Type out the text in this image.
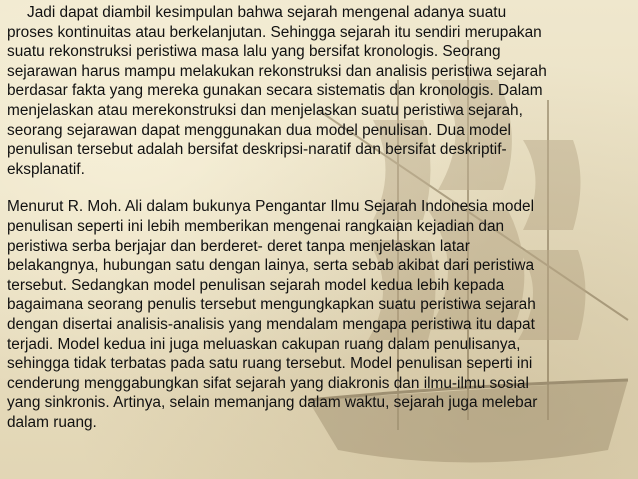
Jadi dapat diambil kesimpulan bahwa sejarah mengenal adanya suatu
proses kontinuitas atau berkelanjutan. Sehingga sejarah itu sendiri merupakan
suatu rekonstruksi peristiwa masa lalu yang bersifat kronologis. Seorang
sejarawan harus mampu melakukan rekonstruksi dan analisis peristiwa sejarah
berdasar fakta yang mereka gunakan secara sistematis dan kronologis. Dalam
menjelaskan atau merekonstruksi dan menjelaskan suatu peristiwa sejarah,
seorang sejarawan dapat menggunakan dua model penulisan. Dua model
penulisan tersebut adalah bersifat deskripsi-naratif dan bersifat deskriptif-
eksplanatif.
Menurut R. Moh. Ali dalam bukunya Pengantar Ilmu Sejarah Indonesia model
penulisan seperti ini lebih memberikan mengenai rangkaian kejadian dan
peristiwa serba berjajar dan berderet- deret tanpa menjelaskan latar
belakangnya, hubungan satu dengan lainya, serta sebab akibat dari peristiwa
tersebut. Sedangkan model penulisan sejarah model kedua lebih kepada
bagaimana seorang penulis tersebut mengungkapkan suatu peristiwa sejarah
dengan disertai analisis-analisis yang mendalam mengapa peristiwa itu dapat
terjadi. Model kedua ini juga meluaskan cakupan ruang dalam penulisanya,
sehingga tidak terbatas pada satu ruang tersebut. Model penulisan seperti ini
cenderung menggabungkan sifat sejarah yang diakronis dan ilmu-ilmu sosial
yang sinkronis. Artinya, selain memanjang dalam waktu, sejarah juga melebar
dalam ruang.
